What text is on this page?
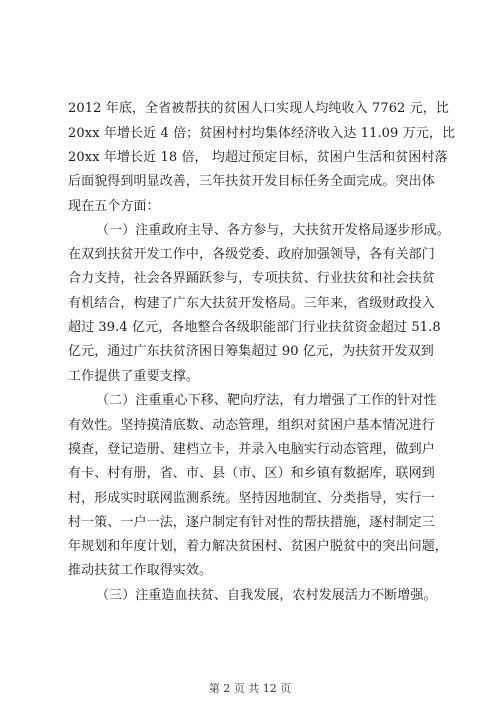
2012 年底，全省被帮扶的贫困人口实现人均纯收入 7762 元，比
20xx 年增长近 4 倍；贫困村村均集体经济收入达 11.09 万元，比
20xx 年增长近 18 倍， 均超过预定目标，贫困户生活和贫困村落
后面貌得到明显改善，三年扶贫开发目标任务全面完成。突出体
现在五个方面：
（一）注重政府主导、各方参与，大扶贫开发格局逐步形成。
在双到扶贫开发工作中，各级党委、政府加强领导，各有关部门
合力支持，社会各界踊跃参与，专项扶贫、行业扶贫和社会扶贫
有机结合，构建了广东大扶贫开发格局。三年来，省级财政投入
超过 39.4 亿元，各地整合各级职能部门行业扶贫资金超过 51.8
亿元，通过广东扶贫济困日筹集超过 90 亿元，为扶贫开发双到
工作提供了重要支撑。
（二）注重重心下移、靶向疗法，有力增强了工作的针对性
有效性。坚持摸清底数、动态管理，组织对贫困户基本情况进行
摸查，登记造册、建档立卡，并录入电脑实行动态管理，做到户
有卡、村有册，省、市、县（市、区）和乡镇有数据库，联网到
村，形成实时联网监测系统。坚持因地制宜、分类指导，实行一
村一策、一户一法，逐户制定有针对性的帮扶措施，逐村制定三
年规划和年度计划，着力解决贫困村、贫困户脱贫中的突出问题，
推动扶贫工作取得实效。
（三）注重造血扶贫、自我发展，农村发展活力不断增强。
第 2 页 共 12 页
